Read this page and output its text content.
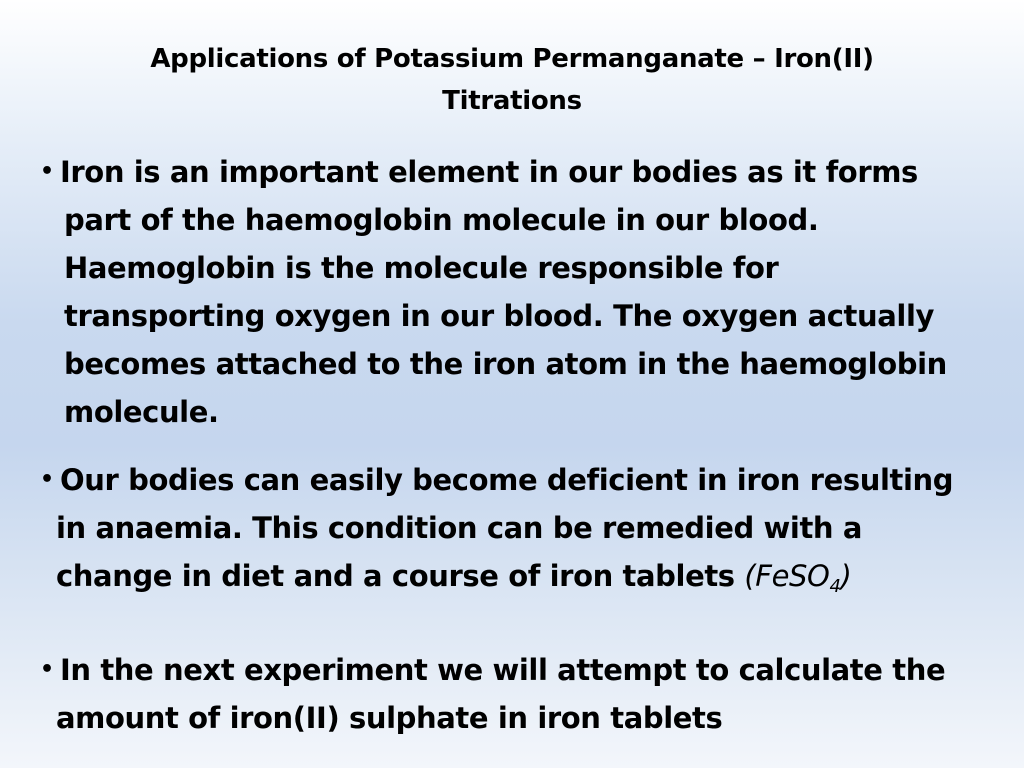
Applications of Potassium Permanganate – Iron(II)
Titrations
• Iron is an important element in our bodies as it forms
part of the haemoglobin molecule in our blood.
Haemoglobin is the molecule responsible for
transporting oxygen in our blood. The oxygen actually
becomes attached to the iron atom in the haemoglobin
molecule.
• Our bodies can easily become deficient in iron resulting
in anaemia. This condition can be remedied with a
change in diet and a course of iron tablets (FeSO$_4$)
• In the next experiment we will attempt to calculate the
amount of iron(II) sulphate in iron tablets
